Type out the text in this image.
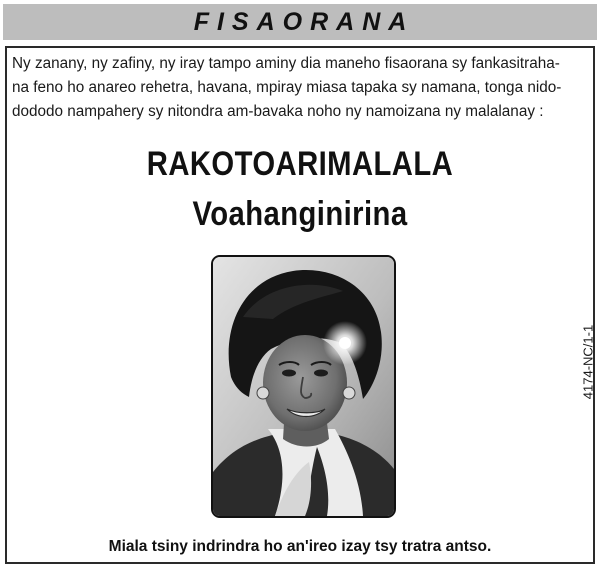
FISAORANA

Ny zanany, ny zafiny, ny iray tampo aminy dia maneho fisaorana sy fankasitraha-
na feno ho anareo rehetra, havana, mpiray miasa tapaka sy namana, tonga nido-
dododo nampahery sy nitondra am-bavaka noho ny namoizana ny malalanay :

RAKOTOARIMALALA
Voahanginirina
4174-NC/1-1
Miala tsiny indrindra ho an'ireo izay tsy tratra antso.
